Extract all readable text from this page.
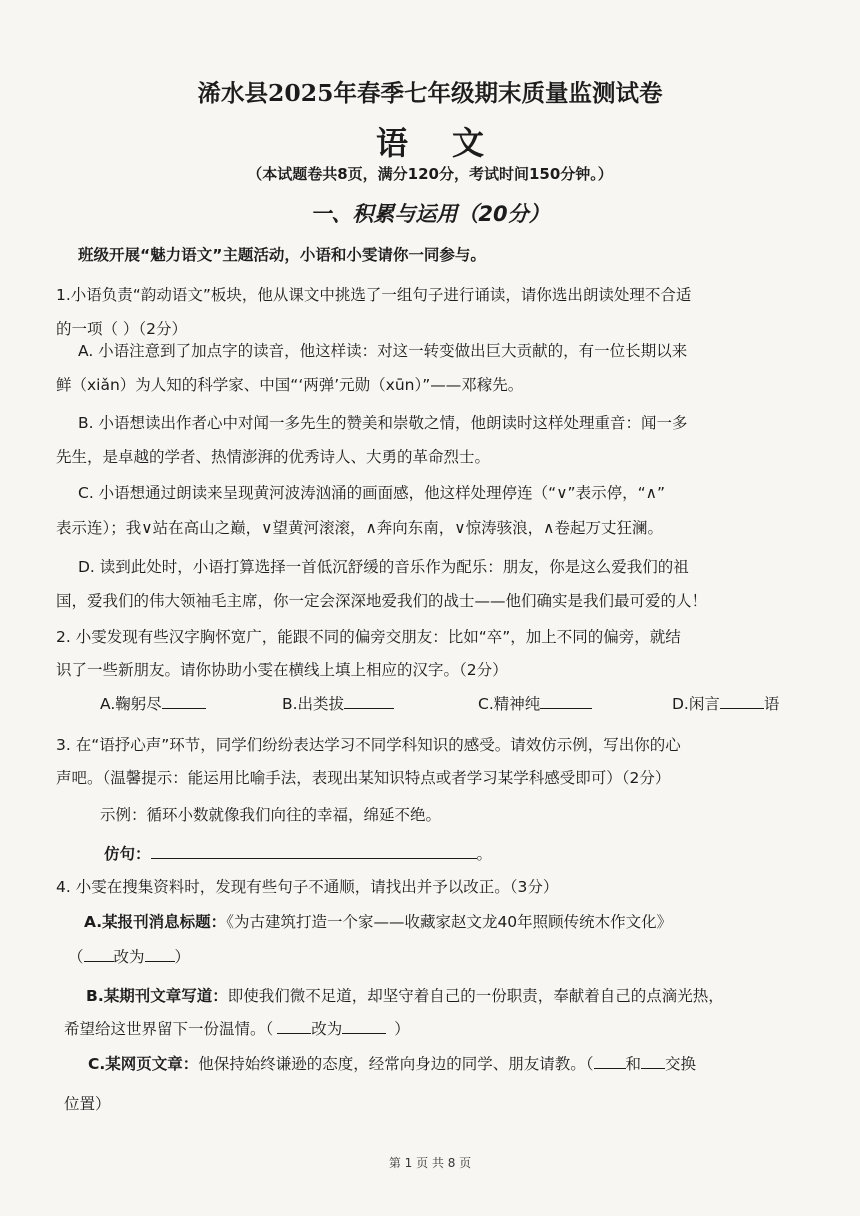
浠水县2025年春季七年级期末质量监测试卷
语文
（本试题卷共8页，满分120分，考试时间150分钟。）
一、积累与运用（20分）
班级开展“魅力语文”主题活动，小语和小雯请你一同参与。
1.小语负责“韵动语文”板块，他从课文中挑选了一组句子进行诵读，请你选出朗读处理不合适
的一项（ ）（2分）
A. 小语注意到了加点字的读音，他这样读：对这一转变做出巨大贡献的，有一位长期以来
鲜（xiǎn）为人知的科学家、中国“‘两弹’元勋（xūn）”——邓稼先。
B. 小语想读出作者心中对闻一多先生的赞美和崇敬之情，他朗读时这样处理重音：闻一多
先生，是卓越的学者、热情澎湃的优秀诗人、大勇的革命烈士。
C. 小语想通过朗读来呈现黄河波涛汹涌的画面感，他这样处理停连（“∨”表示停，“∧”
表示连）；我∨站在高山之巅，∨望黄河滚滚，∧奔向东南，∨惊涛骇浪，∧卷起万丈狂澜。
D. 读到此处时，小语打算选择一首低沉舒缓的音乐作为配乐：朋友，你是这么爱我们的祖
国，爱我们的伟大领袖毛主席，你一定会深深地爱我们的战士——他们确实是我们最可爱的人！
2. 小雯发现有些汉字胸怀宽广，能跟不同的偏旁交朋友：比如“卒”，加上不同的偏旁，就结
识了一些新朋友。请你协助小雯在横线上填上相应的汉字。（2分）
A.鞠躬尽	B.出类拔	C.精神纯	D.闲言	语
3. 在“语抒心声”环节，同学们纷纷表达学习不同学科知识的感受。请效仿示例，写出你的心
声吧。（温馨提示：能运用比喻手法，表现出某知识特点或者学习某学科感受即可）（2分）
示例：循环小数就像我们向往的幸福，绵延不绝。
仿句：	。
4. 小雯在搜集资料时，发现有些句子不通顺，请找出并予以改正。（3分）
A.某报刊消息标题：《为古建筑打造一个家——收藏家赵文龙40年照顾传统木作文化》
（ 改为 ）
B.某期刊文章写道：即使我们微不足道，却坚守着自己的一份职责，奉献着自己的点滴光热，
希望给这世界留下一份温情。（ 改为	）
C.某网页文章：他保持始终谦逊的态度，经常向身边的同学、朋友请教。（ 和 交换
位置）
第 1 页 共 8 页
